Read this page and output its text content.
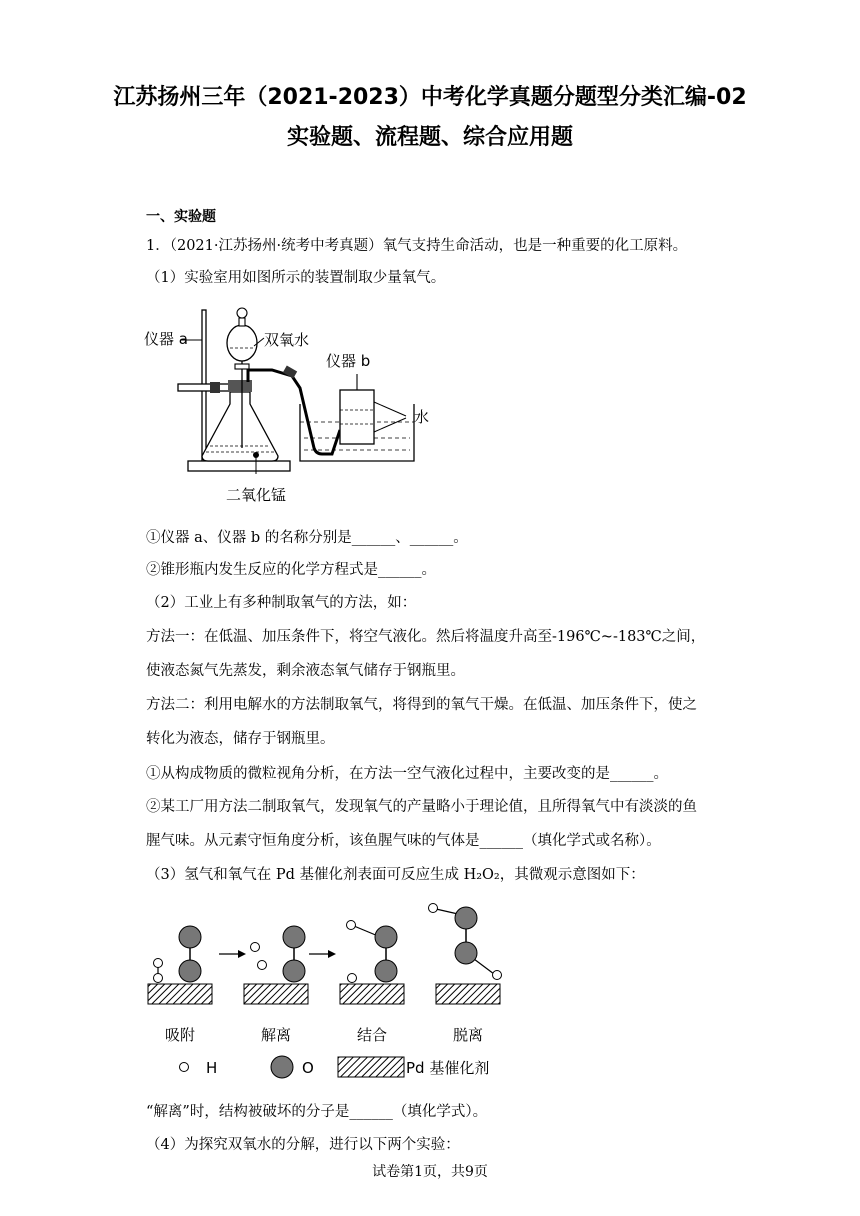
江苏扬州三年（2021-2023）中考化学真题分题型分类汇编-02
实验题、流程题、综合应用题
一、实验题
1．（2021·江苏扬州·统考中考真题）氧气支持生命活动，也是一种重要的化工原料。
（1）实验室用如图所示的装置制取少量氧气。
仪器 a	双氧水
仪器 b
水
二氧化锰
①仪器 a、仪器 b 的名称分别是______、______。
②锥形瓶内发生反应的化学方程式是______。
（2）工业上有多种制取氧气的方法，如：
方法一：在低温、加压条件下，将空气液化。然后将温度升高至-196℃~-183℃之间，
使液态氮气先蒸发，剩余液态氧气储存于钢瓶里。
方法二：利用电解水的方法制取氧气，将得到的氧气干燥。在低温、加压条件下，使之
转化为液态，储存于钢瓶里。
①从构成物质的微粒视角分析，在方法一空气液化过程中，主要改变的是______。
②某工厂用方法二制取氧气，发现氧气的产量略小于理论值，且所得氧气中有淡淡的鱼
腥气味。从元素守恒角度分析，该鱼腥气味的气体是______（填化学式或名称）。
（3）氢气和氧气在 Pd 基催化剂表面可反应生成 H₂O₂，其微观示意图如下：
吸附	解离	结合	脱离
H	O	Pd 基催化剂
“解离”时，结构被破坏的分子是______（填化学式）。
（4）为探究双氧水的分解，进行以下两个实验：
试卷第1页，共9页
